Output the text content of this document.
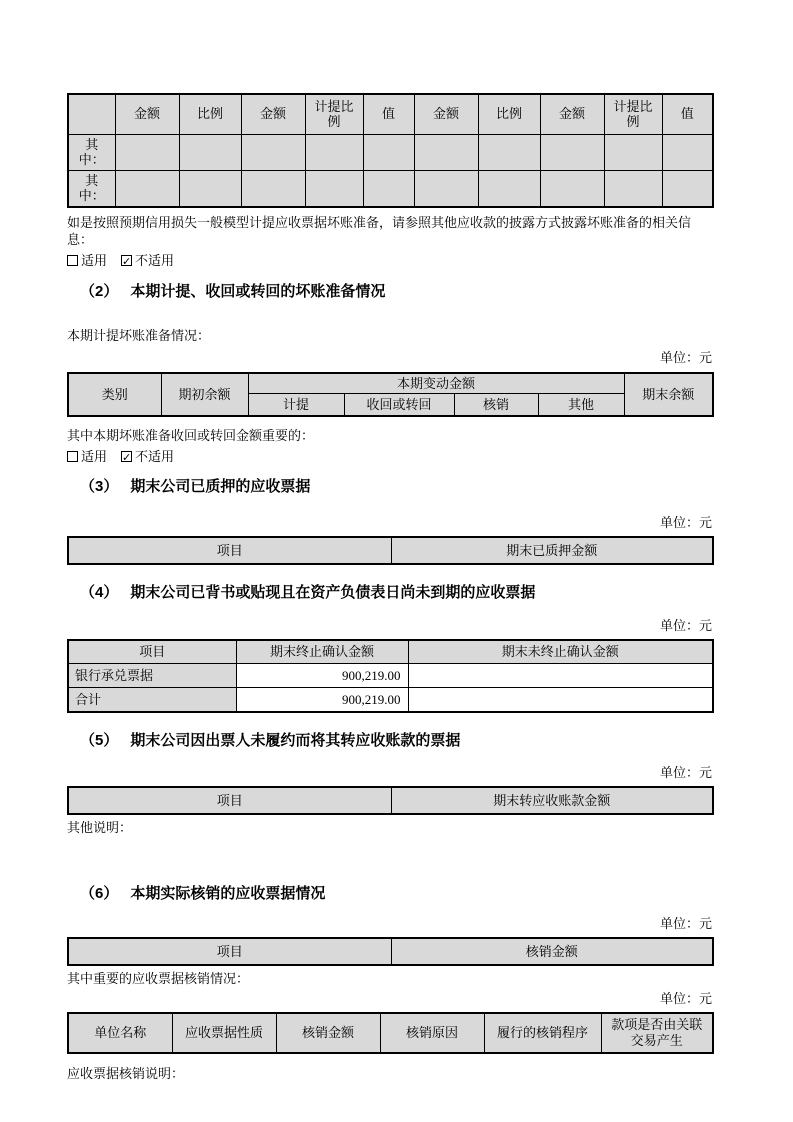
	金额	比例	金额	计提比例	值	金额	比例	金额	计提比例	值
其中：										
其中：										
如是按照预期信用损失一般模型计提应收票据坏账准备，请参照其他应收款的披露方式披露坏账准备的相关信息：
适用 ✓ 不适用
（2） 本期计提、收回或转回的坏账准备情况
本期计提坏账准备情况：
单位：元
类别	期初余额	本期变动金额				期末余额
		计提	收回或转回	核销	其他	
其中本期坏账准备收回或转回金额重要的：
适用 ✓ 不适用
（3） 期末公司已质押的应收票据
单位：元
项目	期末已质押金额
（4） 期末公司已背书或贴现且在资产负债表日尚未到期的应收票据
单位：元
项目	期末终止确认金额	期末未终止确认金额
银行承兑票据	900,219.00	
合计	900,219.00	
（5） 期末公司因出票人未履约而将其转应收账款的票据
单位：元
项目	期末转应收账款金额
其他说明：
（6） 本期实际核销的应收票据情况
单位：元
项目	核销金额
其中重要的应收票据核销情况：
单位：元
单位名称	应收票据性质	核销金额	核销原因	履行的核销程序	款项是否由关联交易产生
应收票据核销说明：
